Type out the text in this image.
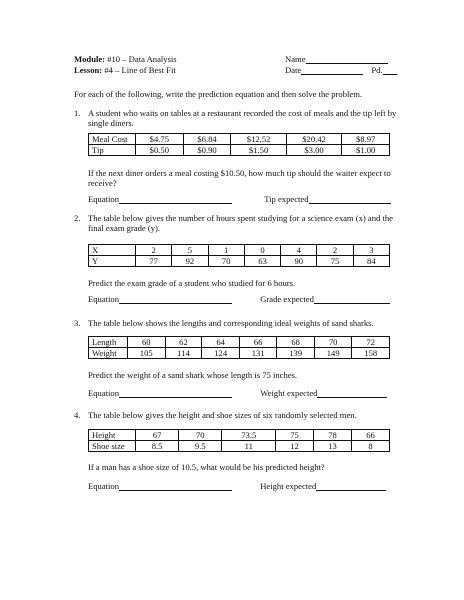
Module: #10 – Data Analysis
Lesson: #4 – Line of Best Fit
Name
Date	Pd.
For each of the following, write the prediction equation and then solve the problem.
1. A student who waits on tables at a restaurant recorded the cost of meals and the tip left by single diners.
Meal Cost	$4.75	$6.84	$12.52	$20.42	$8.97
Tip	$0.50	$0.90	$1.50	$3.00	$1.00
If the next diner orders a meal costing $10.50, how much tip should the waiter expect to receive?
Equation	Tip expected
2. The table below gives the number of hours spent studying for a science exam (x) and the final exam grade (y).
X	2	5	1	0	4	2	3
Y	77	92	70	63	90	75	84
Predict the exam grade of a student who studied for 6 hours.
Equation	Grade expected
3. The table below shows the lengths and corresponding ideal weights of sand sharks.
Length	60	62	64	66	68	70	72
Weight	105	114	124	131	139	149	158
Predict the weight of a sand shark whose length is 75 inches.
Equation	Weight expected
4. The table below gives the height and shoe sizes of six randomly selected men.
Height	67	70	73.5	75	78	66
Shoe size	8.5	9.5	11	12	13	8
If a man has a shoe size of 10.5, what would be his predicted height?
Equation	Height expected
